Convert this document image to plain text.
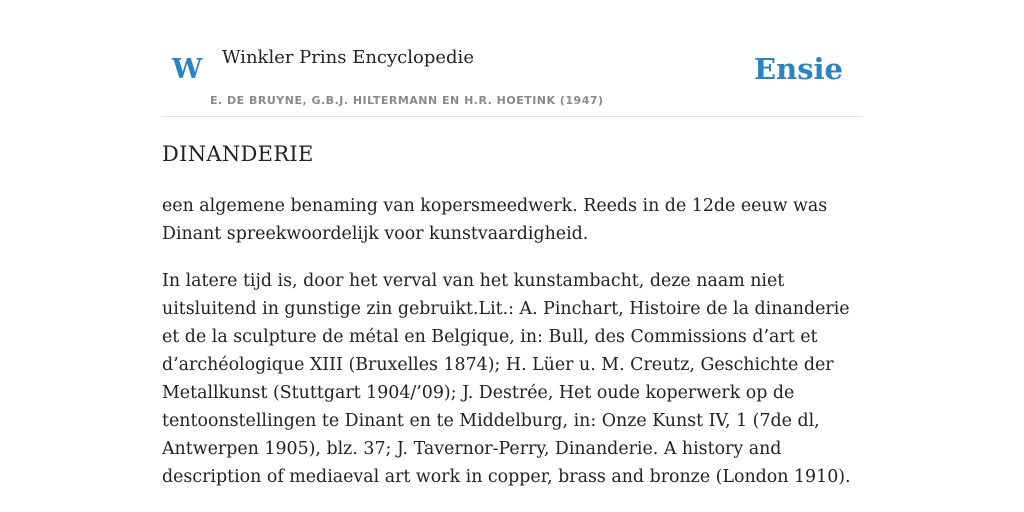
W Winkler Prins Encyclopedie
E. DE BRUYNE, G.B.J. HILTERMANN EN H.R. HOETINK (1947)
Ensie
DINANDERIE

een algemene benaming van kopersmeedwerk. Reeds in de 12de eeuw was Dinant spreekwoordelijk voor kunstvaardigheid.

In latere tijd is, door het verval van het kunstambacht, deze naam niet uitsluitend in gunstige zin gebruikt.Lit.: A. Pinchart, Histoire de la dinanderie et de la sculpture de métal en Belgique, in: Bull, des Commissions d’art et d’archéologique XIII (Bruxelles 1874); H. Lüer u. M. Creutz, Geschichte der Metallkunst (Stuttgart 1904/’09); J. Destrée, Het oude koperwerk op de tentoonstellingen te Dinant en te Middelburg, in: Onze Kunst IV, 1 (7de dl, Antwerpen 1905), blz. 37; J. Tavernor-Perry, Dinanderie. A history and description of mediaeval art work in copper, brass and bronze (London 1910).
